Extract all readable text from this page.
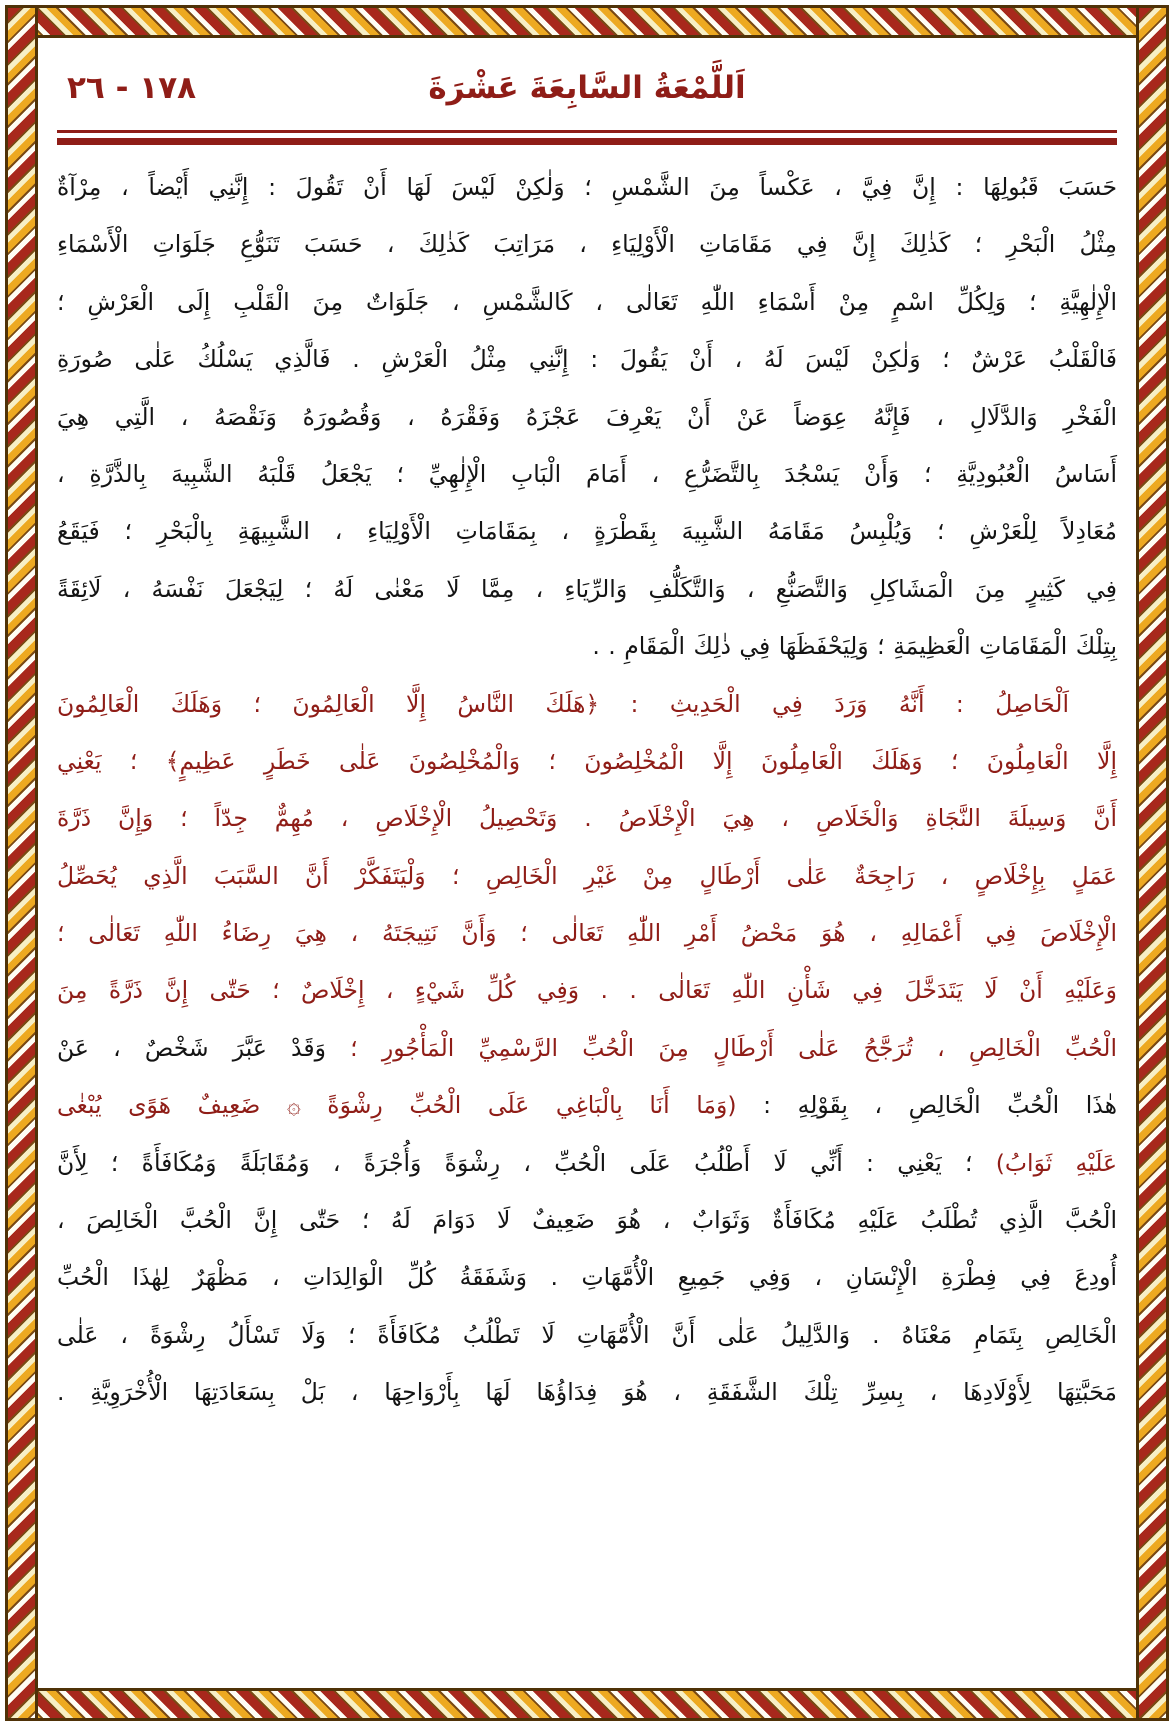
١٧٨ - ٢٦	اَللَّمْعَةُ السَّابِعَةَ عَشْرَةَ
حَسَبَ قَبُولِهَا : إِنَّ فِيَّ ، عَكْساً مِنَ الشَّمْسِ ؛ وَلٰكِنْ لَيْسَ لَهَا أَنْ تَقُولَ : إِنَّنِي أَيْضاً ، مِرْآةٌ
مِثْلُ الْبَحْرِ ؛ كَذٰلِكَ إِنَّ فِي مَقَامَاتِ الْأَوْلِيَاءِ ، مَرَاتِبَ كَذٰلِكَ ، حَسَبَ تَنَوُّعِ جَلَوَاتِ الْأَسْمَاءِ
الْإِلٰهِيَّةِ ؛ وَلِكُلِّ اسْمٍ مِنْ أَسْمَاءِ اللّٰهِ تَعَالٰى ، كَالشَّمْسِ ، جَلَوَاتٌ مِنَ الْقَلْبِ إِلَى الْعَرْشِ ؛
فَالْقَلْبُ عَرْشٌ ؛ وَلٰكِنْ لَيْسَ لَهُ ، أَنْ يَقُولَ : إِنَّنِي مِثْلُ الْعَرْشِ . فَالَّذِي يَسْلُكُ عَلٰى صُورَةِ
الْفَخْرِ وَالدَّلَالِ ، فَإِنَّهُ عِوَضاً عَنْ أَنْ يَعْرِفَ عَجْزَهُ وَفَقْرَهُ ، وَقُصُورَهُ وَنَقْصَهُ ، الَّتِي هِيَ
أَسَاسُ الْعُبُودِيَّةِ ؛ وَأَنْ يَسْجُدَ بِالتَّضَرُّعِ ، أَمَامَ الْبَابِ الْإِلٰهِيِّ ؛ يَجْعَلُ قَلْبَهُ الشَّبِيهَ بِالذَّرَّةِ ،
مُعَادِلاً لِلْعَرْشِ ؛ وَيُلْبِسُ مَقَامَهُ الشَّبِيهَ بِقَطْرَةٍ ، بِمَقَامَاتِ الْأَوْلِيَاءِ ، الشَّبِيهَةِ بِالْبَحْرِ ؛ فَيَقَعُ
فِي كَثِيرٍ مِنَ الْمَشَاكِلِ وَالتَّصَنُّعِ ، وَالتَّكَلُّفِ وَالرِّيَاءِ ، مِمَّا لَا مَعْنٰى لَهُ ؛ لِيَجْعَلَ نَفْسَهُ ، لَائِقَةً
بِتِلْكَ الْمَقَامَاتِ الْعَظِيمَةِ ؛ وَلِيَحْفَظَهَا فِي ذٰلِكَ الْمَقَامِ . .
اَلْحَاصِلُ : أَنَّهُ وَرَدَ فِي الْحَدِيثِ : ﴿هَلَكَ النَّاسُ إِلَّا الْعَالِمُونَ ؛ وَهَلَكَ الْعَالِمُونَ
إِلَّا الْعَامِلُونَ ؛ وَهَلَكَ الْعَامِلُونَ إِلَّا الْمُخْلِصُونَ ؛ وَالْمُخْلِصُونَ عَلٰى خَطَرٍ عَظِيمٍ﴾ ؛ يَعْنِي
أَنَّ وَسِيلَةَ النَّجَاةِ وَالْخَلَاصِ ، هِيَ الْإِخْلَاصُ . وَتَحْصِيلُ الْإِخْلَاصِ ، مُهِمٌّ جِدّاً ؛ وَإِنَّ ذَرَّةَ
عَمَلٍ بِإِخْلَاصٍ ، رَاجِحَةٌ عَلٰى أَرْطَالٍ مِنْ غَيْرِ الْخَالِصِ ؛ وَلْيَتَفَكَّرْ أَنَّ السَّبَبَ الَّذِي يُحَصِّلُ
الْإِخْلَاصَ فِي أَعْمَالِهِ ، هُوَ مَحْضُ أَمْرِ اللّٰهِ تَعَالٰى ؛ وَأَنَّ نَتِيجَتَهُ ، هِيَ رِضَاءُ اللّٰهِ تَعَالٰى ؛
وَعَلَيْهِ أَنْ لَا يَتَدَخَّلَ فِي شَأْنِ اللّٰهِ تَعَالٰى . . وَفِي كُلِّ شَيْءٍ ، إِخْلَاصٌ ؛ حَتّٰى إِنَّ ذَرَّةً مِنَ
الْحُبِّ الْخَالِصِ ، تُرَجَّحُ عَلٰى أَرْطَالٍ مِنَ الْحُبِّ الرَّسْمِيِّ الْمَأْجُورِ ؛ وَقَدْ عَبَّرَ شَخْصٌ ، عَنْ
هٰذَا الْحُبِّ الْخَالِصِ ، بِقَوْلِهِ : (وَمَا أَنَا بِالْبَاغِي عَلَى الْحُبِّ رِشْوَةً ۞ ضَعِيفٌ هَوًى يُبْغٰى
عَلَيْهِ ثَوَابُ) ؛ يَعْنِي : أَنِّي لَا أَطْلُبُ عَلَى الْحُبِّ ، رِشْوَةً وَأُجْرَةً ، وَمُقَابَلَةً وَمُكَافَأَةً ؛ لِأَنَّ
الْحُبَّ الَّذِي تُطْلَبُ عَلَيْهِ مُكَافَأَةٌ وَثَوَابٌ ، هُوَ ضَعِيفٌ لَا دَوَامَ لَهُ ؛ حَتّٰى إِنَّ الْحُبَّ الْخَالِصَ ،
أُودِعَ فِي فِطْرَةِ الْإِنْسَانِ ، وَفِي جَمِيعِ الْأُمَّهَاتِ . وَشَفَقَةُ كُلِّ الْوَالِدَاتِ ، مَظْهَرٌ لِهٰذَا الْحُبِّ
الْخَالِصِ بِتَمَامِ مَعْنَاهُ . وَالدَّلِيلُ عَلٰى أَنَّ الْأُمَّهَاتِ لَا تَطْلُبُ مُكَافَأَةً ؛ وَلَا تَسْأَلُ رِشْوَةً ، عَلٰى
مَحَبَّتِهَا لِأَوْلَادِهَا ، بِسِرِّ تِلْكَ الشَّفَقَةِ ، هُوَ فِدَاؤُهَا لَهَا بِأَرْوَاحِهَا ، بَلْ بِسَعَادَتِهَا الْأُخْرَوِيَّةِ .
